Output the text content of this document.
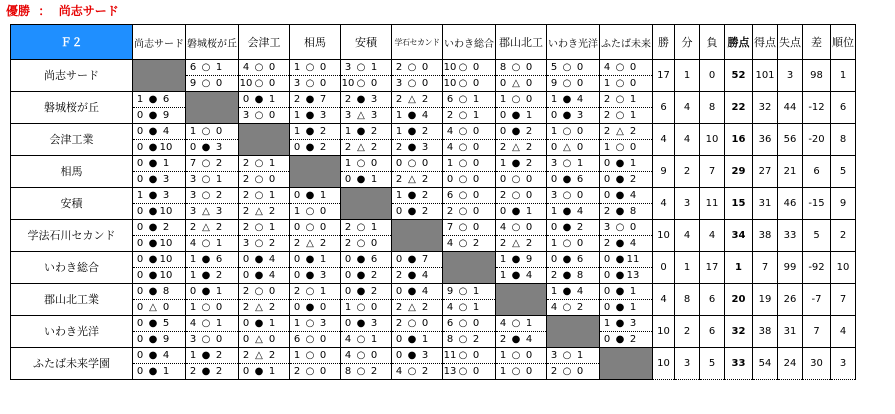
優勝  ：  尚志サード
Ｆ２	尚志サード	磐城桜が丘	会津工	相馬	安積	学石セカンド	いわき総合	郡山北工	いわき光洋	ふたば未来	勝	分	負	勝点	得点	失点	差	順位
尚志サード		6 ○ 1	4 ○ 0	1 ○ 0	3 ○ 1	2 ○ 0	10 ○ 0	8 ○ 0	5 ○ 0	4 ○ 0	17	1	0	52	101	3	98	1
		9 ○ 0	10 ○ 0	3 ○ 0	10 ○ 0	3 ○ 0	10 ○ 0	0 △ 0	9 ○ 0	1 ○ 0								
磐城桜が丘	1 ● 6		0 ● 1	2 ● 7	2 ● 3	2 △ 2	6 ○ 1	1 ○ 0	1 ● 4	2 ○ 1	6	4	8	22	32	44	-12	6
	0 ● 9		3 ○ 0	1 ● 3	3 △ 3	1 ● 4	2 ○ 1	0 ● 1	0 ● 3	2 ○ 1								
会津工業	0 ● 4	1 ○ 0		1 ● 2	1 ● 2	1 ● 2	4 ○ 0	0 ● 2	1 ○ 0	2 △ 2	4	4	10	16	36	56	-20	8
	0 ● 10	0 ● 3		0 ● 2	2 △ 2	2 ● 3	4 ○ 0	2 △ 2	0 △ 0	1 ○ 0								
相馬	0 ● 1	7 ○ 2	2 ○ 1		1 ○ 0	0 ○ 0	1 ○ 0	1 ● 2	3 ○ 1	0 ● 1	9	2	7	29	27	21	6	5
	0 ● 3	3 ○ 1	2 ○ 0		0 ● 1	2 △ 2	0 ○ 0	0 ○ 0	0 ● 6	0 ● 2								
安積	1 ● 3	3 ○ 2	2 ○ 1	0 ● 1		1 ● 2	6 ○ 0	2 ○ 0	3 ○ 0	0 ● 4	4	3	11	15	31	46	-15	9
	0 ● 10	3 △ 3	2 △ 2	1 ○ 0		0 ● 2	2 ○ 0	0 ● 1	1 ● 4	2 ● 8								
学法石川セカンド	0 ● 2	2 △ 2	2 ○ 1	0 ○ 0	2 ○ 1		7 ○ 0	4 ○ 0	0 ● 2	3 ○ 0	10	4	4	34	38	33	5	2
	0 ● 10	4 ○ 1	3 ○ 2	2 △ 2	2 ○ 0		4 ○ 2	2 △ 2	1 ○ 0	2 ● 4								
いわき総合	0 ● 10	1 ● 6	0 ● 4	0 ● 1	0 ● 6	0 ● 7		1 ● 9	0 ● 6	0 ● 11	0	1	17	1	7	99	-92	10
	0 ● 10	1 ● 2	0 ● 4	0 ● 3	0 ● 2	2 ● 4		1 ● 4	2 ● 8	0 ● 13								
郡山北工業	0 ● 8	0 ● 1	2 ○ 0	2 ○ 1	0 ● 2	0 ● 4	9 ○ 1		1 ● 4	0 ● 1	4	8	6	20	19	26	-7	7
	0 △ 0	1 ○ 0	2 △ 2	0 ● 0	1 ○ 0	2 △ 2	4 ○ 1		4 ○ 2	0 ● 1								
いわき光洋	0 ● 5	4 ○ 1	0 ● 1	1 ○ 3	0 ● 3	2 ○ 0	6 ○ 0	4 ○ 1		1 ● 3	10	2	6	32	38	31	7	4
	0 ● 9	3 ○ 0	0 △ 0	6 ○ 0	4 ○ 1	0 ● 1	8 ○ 2	2 ● 4		0 ● 2								
ふたば未来学園	0 ● 4	1 ● 2	2 △ 2	1 ○ 0	4 ○ 0	0 ● 3	11 ○ 0	1 ○ 0	3 ○ 1		10	3	5	33	54	24	30	3
	0 ● 1	2 ● 2	0 ● 1	2 ○ 0	8 ○ 2	4 ○ 2	13 ○ 0	1 ○ 0	2 ○ 0									
